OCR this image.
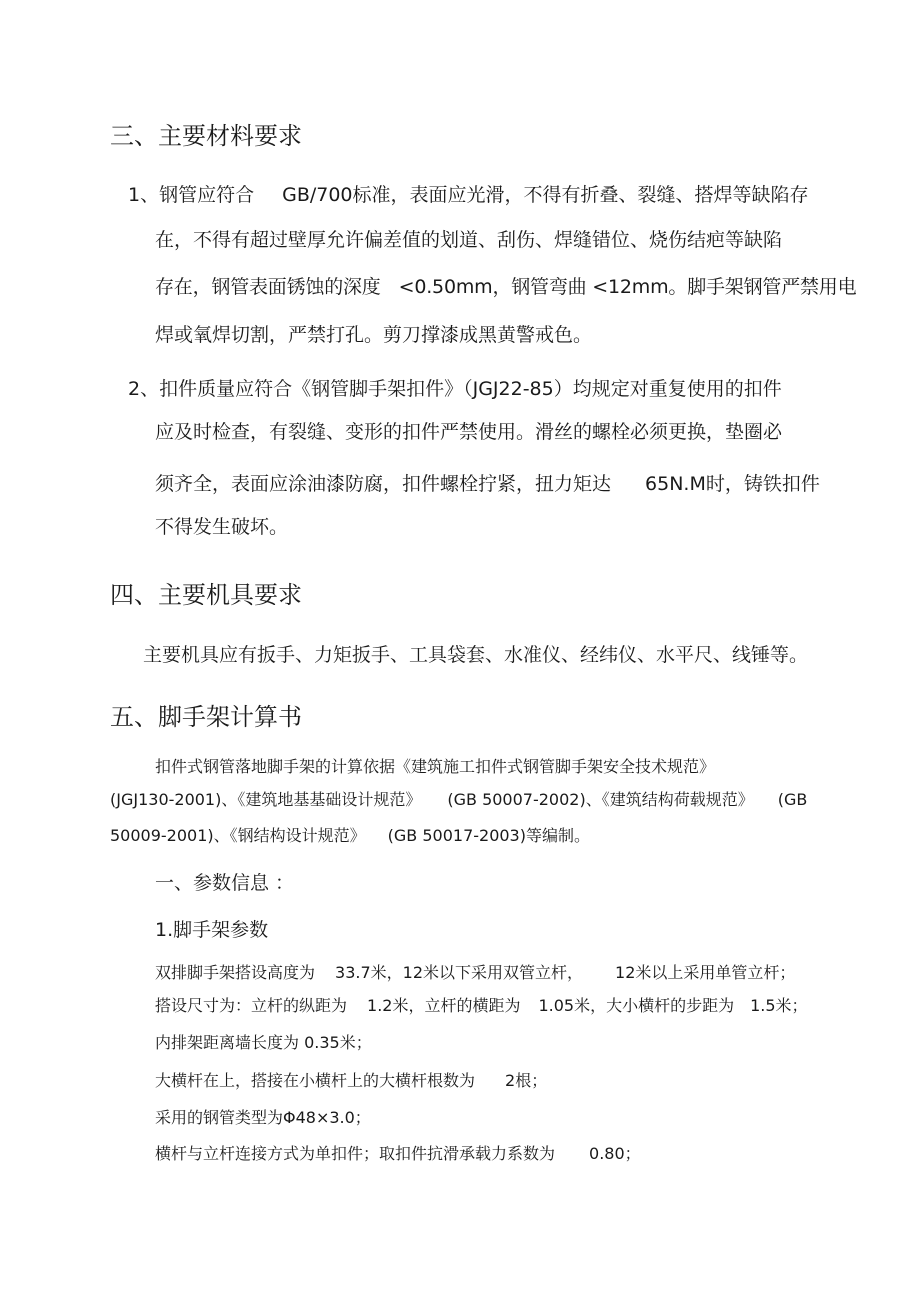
三、主要材料要求
1、钢管应符合 GB/700标准，表面应光滑，不得有折叠、裂缝、搭焊等缺陷存
在，不得有超过壁厚允许偏差值的划道、刮伤、焊缝错位、烧伤结疤等缺陷
存在，钢管表面锈蚀的深度 <0.50mm，钢管弯曲 <12mm。脚手架钢管严禁用电
焊或氧焊切割，严禁打孔。剪刀撑漆成黑黄警戒色。
2、扣件质量应符合《钢管脚手架扣件》（JGJ22-85）均规定对重复使用的扣件
应及时检查，有裂缝、变形的扣件严禁使用。滑丝的螺栓必须更换，垫圈必
须齐全，表面应涂油漆防腐，扣件螺栓拧紧，扭力矩达 65N.M时，铸铁扣件
不得发生破坏。
四、主要机具要求
主要机具应有扳手、力矩扳手、工具袋套、水准仪、经纬仪、水平尺、线锤等。
五、脚手架计算书
扣件式钢管落地脚手架的计算依据《建筑施工扣件式钢管脚手架安全技术规范》
(JGJ130-2001)、《建筑地基基础设计规范》 (GB 50007-2002)、《建筑结构荷载规范》 (GB
50009-2001)、《钢结构设计规范》 (GB 50017-2003)等编制。
一、参数信息 ：
1.脚手架参数
双排脚手架搭设高度为 33.7米，12米以下采用双管立杆， 12米以上采用单管立杆；
搭设尺寸为：立杆的纵距为 1.2米，立杆的横距为 1.05米，大小横杆的步距为 1.5米；
内排架距离墙长度为 0.35米；
大横杆在上，搭接在小横杆上的大横杆根数为 2根；
采用的钢管类型为Φ48×3.0；
横杆与立杆连接方式为单扣件；取扣件抗滑承载力系数为 0.80；
